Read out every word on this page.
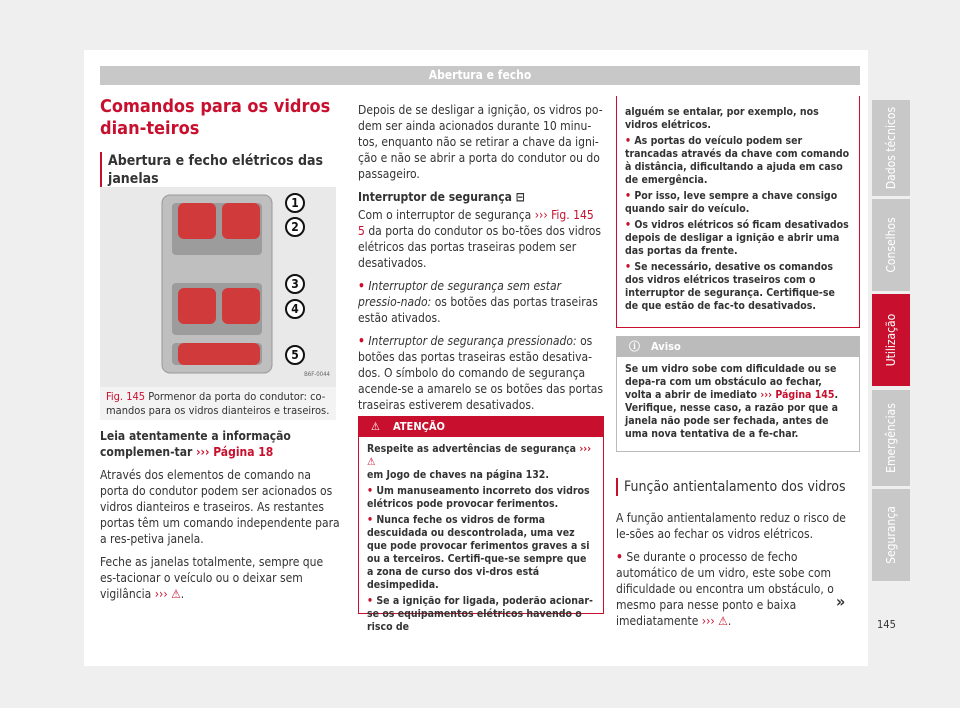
Abertura e fecho
Comandos para os vidros dian-teiros
Abertura e fecho elétricos das janelas
1
2
3
4
5
B6F-0044
Fig. 145 Pormenor da porta do condutor: co-mandos para os vidros dianteiros e traseiros.

Leia atentamente a informação complemen-tar ››› Página 18

Através dos elementos de comando na porta do condutor podem ser acionados os vidros dianteiros e traseiros. As restantes portas têm um comando independente para a res-petiva janela.

Feche as janelas totalmente, sempre que es-tacionar o veículo ou o deixar sem vigilância ››› ⚠.

Depois de se desligar a ignição, os vidros po-dem ser ainda acionados durante 10 minu-tos, enquanto não se retirar a chave da igni-ção e não se abrir a porta do condutor ou do passageiro.

Interruptor de segurança ⊟

Com o interruptor de segurança ››› Fig. 145 5 da porta do condutor os bo-tões dos vidros elétricos das portas traseiras podem ser desativados.

• Interruptor de segurança sem estar pressio-nado: os botões das portas traseiras estão ativados.

• Interruptor de segurança pressionado: os botões das portas traseiras estão desativa-dos. O símbolo do comando de segurança acende-se a amarelo se os botões das portas traseiras estiverem desativados.

⚠ ATENÇÃO
Respeite as advertências de segurança ››› ⚠
em Jogo de chaves na página 132.
• Um manuseamento incorreto dos vidros elétricos pode provocar ferimentos.
• Nunca feche os vidros de forma descuidada ou descontrolada, uma vez que pode provocar ferimentos graves a si ou a terceiros. Certifi-que-se sempre que a zona de curso dos vi-dros está desimpedida.
• Se a ignição for ligada, poderão acionar-se os equipamentos elétricos havendo o risco de
alguém se entalar, por exemplo, nos vidros elétricos.
• As portas do veículo podem ser trancadas através da chave com comando à distância, dificultando a ajuda em caso de emergência.
• Por isso, leve sempre a chave consigo quando sair do veículo.
• Os vidros elétricos só ficam desativados depois de desligar a ignição e abrir uma das portas da frente.
• Se necessário, desative os comandos dos vidros elétricos traseiros com o interruptor de segurança. Certifique-se de que estão de fac-to desativados.
ⓘ Aviso
Se um vidro sobe com dificuldade ou se depa-ra com um obstáculo ao fechar, volta a abrir de imediato ››› Página 145. Verifique, nesse caso, a razão por que a janela não pode ser fechada, antes de uma nova tentativa de a fe-char.
Função antientalamento dos vidros

A função antientalamento reduz o risco de le-sões ao fechar os vidros elétricos.

• Se durante o processo de fecho automático de um vidro, este sobe com dificuldade ou encontra um obstáculo, o mesmo para nesse ponto e baixa imediatamente ››› ⚠.

»
Dados técnicos
Conselhos
Utilização
Emergências
Segurança
145
